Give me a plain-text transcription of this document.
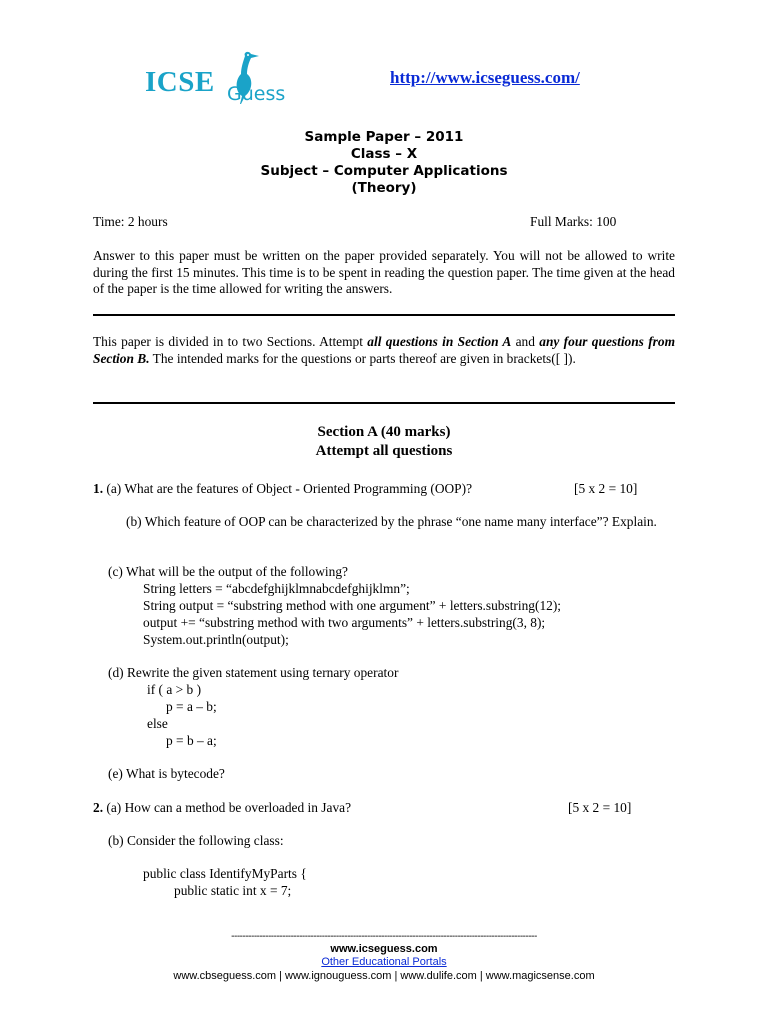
ICSE Guess
http://www.icseguess.com/
Sample Paper – 2011
Class – X
Subject – Computer Applications
(Theory)
Time: 2 hours	Full Marks: 100
Answer to this paper must be written on the paper provided separately. You will not be allowed to write during the first 15 minutes. This time is to be spent in reading the question paper. The time given at the head of the paper is the time allowed for writing the answers.
This paper is divided in to two Sections. Attempt all questions in Section A and any four questions from Section B. The intended marks for the questions or parts thereof are given in brackets([ ]).
Section A (40 marks)
Attempt all questions
1. (a) What are the features of Object - Oriented Programming (OOP)?	[5 x 2 = 10]
(b) Which feature of OOP can be characterized by the phrase “one name many interface”? Explain.
(c) What will be the output of the following?
String letters = “abcdefghijklmnabcdefghijklmn”;
String output = “substring method with one argument” + letters.substring(12);
output += “substring method with two arguments” + letters.substring(3, 8);
System.out.println(output);
(d) Rewrite the given statement using ternary operator
if ( a > b )
p = a – b;
else
p = b – a;
(e) What is bytecode?
2. (a) How can a method be overloaded in Java?	[5 x 2 = 10]
(b) Consider the following class:
public class IdentifyMyParts {
public static int x = 7;
------------------------------------------------------------------------------------------------------------
www.icseguess.com
Other Educational Portals
www.cbseguess.com | www.ignouguess.com | www.dulife.com | www.magicsense.com
